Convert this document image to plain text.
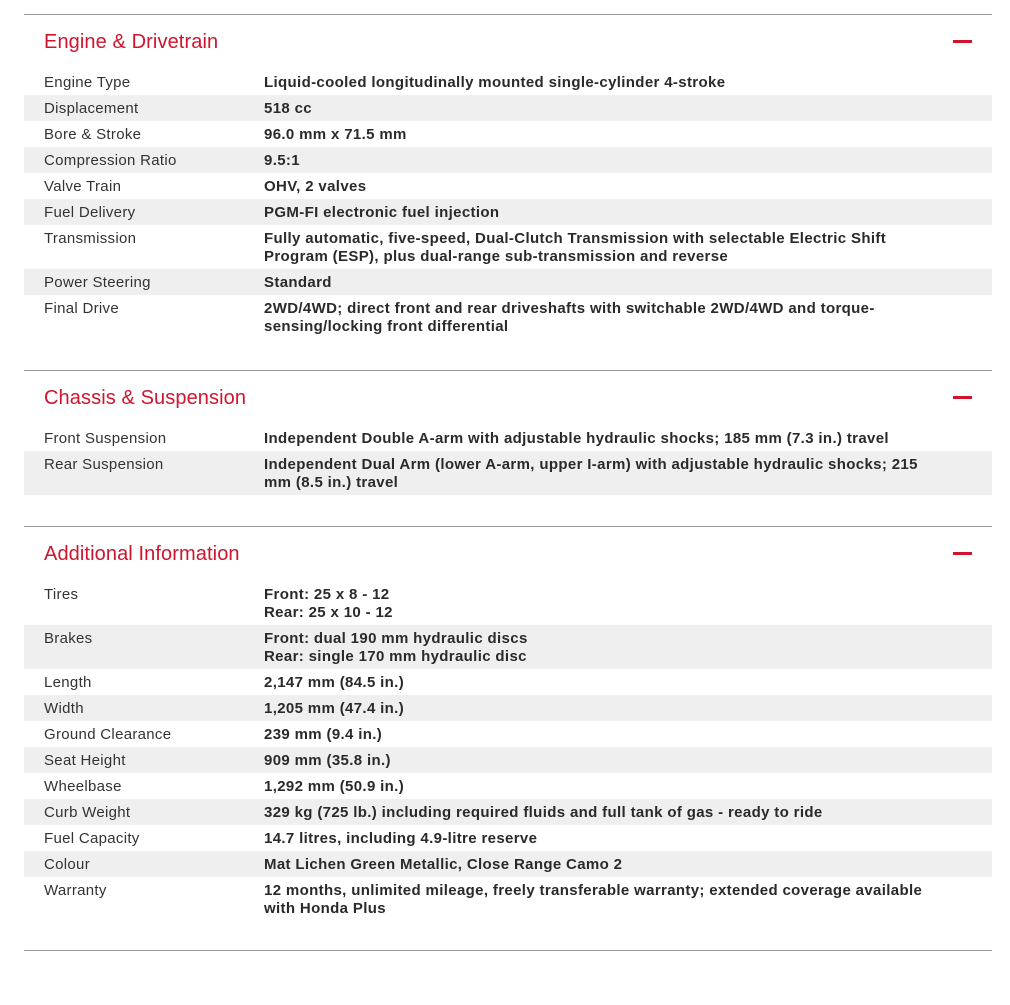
Engine & Drivetrain
Engine Type	Liquid-cooled longitudinally mounted single-cylinder 4-stroke
Displacement	518 cc
Bore & Stroke	96.0 mm x 71.5 mm
Compression Ratio	9.5:1
Valve Train	OHV, 2 valves
Fuel Delivery	PGM-FI electronic fuel injection
Transmission	Fully automatic, five-speed, Dual-Clutch Transmission with selectable Electric Shift
Program (ESP), plus dual-range sub-transmission and reverse
Power Steering	Standard
Final Drive	2WD/4WD; direct front and rear driveshafts with switchable 2WD/4WD and torque-
sensing/locking front differential
Chassis & Suspension
Front Suspension	Independent Double A-arm with adjustable hydraulic shocks; 185 mm (7.3 in.) travel
Rear Suspension	Independent Dual Arm (lower A-arm, upper I-arm) with adjustable hydraulic shocks; 215
mm (8.5 in.) travel
Additional Information
Tires	Front: 25 x 8 - 12
Rear: 25 x 10 - 12
Brakes	Front: dual 190 mm hydraulic discs
Rear: single 170 mm hydraulic disc
Length	2,147 mm (84.5 in.)
Width	1,205 mm (47.4 in.)
Ground Clearance	239 mm (9.4 in.)
Seat Height	909 mm (35.8 in.)
Wheelbase	1,292 mm (50.9 in.)
Curb Weight	329 kg (725 lb.) including required fluids and full tank of gas - ready to ride
Fuel Capacity	14.7 litres, including 4.9-litre reserve
Colour	Mat Lichen Green Metallic, Close Range Camo 2
Warranty	12 months, unlimited mileage, freely transferable warranty; extended coverage available
with Honda Plus
